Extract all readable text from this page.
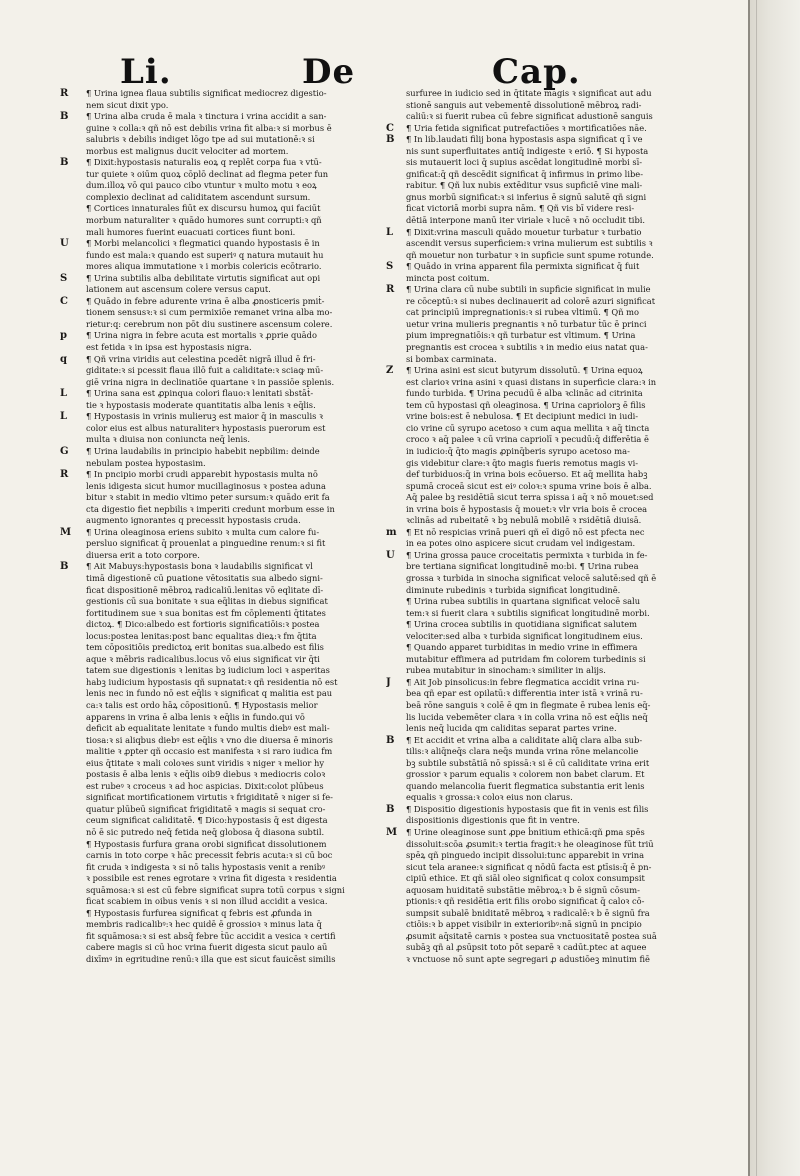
Li.	De	Cap.
R	¶ Urina ignea flaua subtilis significat mediocrez digestio-
nem sicut dixit ypo.
B	¶ Urina alba cruda ē mala ꝛ tinctura i vrina accidit a san-
guine ꝛ colla:ꝛ qñ nō est debilis vrina fit alba:ꝛ si morbus ē
salubris ꝛ debilis indiget lōgo tpe ad sui mutationē:ꝛ si
morbus est malignus ducit velociter ad mortem.
B	¶ Dixit:hypostasis naturalis eoꝝ q replēt corpa fua ꝛ vtū-
tur quiete ꝛ oiūm quoꝝ cōplō declinat ad flegma peter fun
dum.illoꝝ vō qui pauco cibo vtuntur ꝛ multo motu ꝛ eoꝝ
complexio declinat ad caliditatem ascendunt sursum.
¶ Cortices innaturales fiūt ex discursu humoꝝ qui faciūt
morbum naturaliter ꝛ quādo humores sunt corrupti:ꝛ qñ
mali humores fuerint euacuati cortices fiunt boni.
U	¶ Morbi melancolici ꝛ flegmatici quando hypostasis ē in
fundo est mala:ꝛ quando est superiꝰ q natura mutauit hu
mores aliqua immutatione ꝛ i morbis colericis ecōtrario.
S	¶ Urina subtilis alba debilitate virtutis significat aut opi
lationem aut ascensum colere versus caput.
C	¶ Quādo in febre adurente vrina ē alba ꝓnosticeris pmiṫ-
tionem sensusꝛ:ꝛ si cum permixiōe remanet vrina alba mo-
rietur:q: cerebrum non pōt diu sustinere ascensum colere.
p	¶ Urina nigra in febre acuta est mortalis ꝛ ꝓprie quādo
est fetida ꝛ in ipsa est hypostasis nigra.
q	¶ Qñ vrina viridis aut celestina pcedēt nigrā illud ē fri-
giditate:ꝛ si pcessit flaua illō fuit a caliditate:ꝛ sciaꝙ mū-
giē vrina nigra in declinatiōe quartane ꝛ in passiōe splenis.
L	¶ Urina sana est ꝓpinqua colori flauo:ꝛ lenitati sbstāṫ-
tie ꝛ hypostasis moderate quantitatis alba lenis ꝛ eq̄lis.
L	¶ Hypostasis in vrinis mulieruꝫ est maior q̄ in masculis ꝛ
color eius est albus naturaliterꝛ hypostasis puerorum est
multa ꝛ diuisa non coniuncta neq̄ lenis.
G	¶ Urina laudabilis in principio habebit nepbilim: deinde
nebulam postea hypostasim.
R	¶ In pncipio morbi crudi apparebit hypostasis multa nō
lenis idigesta sicut humor mucillaginosus ꝛ postea aduna
bitur ꝛ stabit in medio vltimo peter sursum:ꝛ quādo erit fa
cta digestio fiet nepbilis ꝛ imperiti credunt morbum esse in
augmento ignorantes q precessit hypostasis cruda.
M	¶ Urina oleaginosa eriens subito ꝛ multa cum calore fu-
persluo significat q̄ prouenlat a pinguedine renum:ꝛ si fit
diuersa erit a toto corpore.
B	¶ Ait Mabuys:hypostasis bona ꝛ laudabilis significat vl
timā digestionē cū ꝑuatione vētositatis sua albedo signi-
ficat dispositionē mēbroꝝ radicaliū.lenitas vō eqlitate dī-
gestionis cū sua bonitate ꝛ sua eq̄litas in diebus significat
fortitudinem sue ꝛ sua bonitas est fm cōplementi q̄titates
dictoꝝ. ¶ Dico:albedo est fortioris significatiōis:ꝛ postea
locus:postea lenitas:post banc equalitas dieꝝ:ꝛ fm q̄tita
tem cōpositiōis predictoꝝ erit bonitas sua.albedo est filis
aque ꝛ mēbris radicalibus.locus vō eius significat vir q̄ti
tatem sue digestionis ꝛ lenitas bꝫ iudicium loci ꝛ asperitas
habꝫ iudicium hypostasis qñ supnatat:ꝛ qñ residentia nō est
lenis nec in fundo nō est eq̄lis ꝛ significat q malitia est pau
ca:ꝛ talis est ordo hāꝝ cōpositionū. ¶ Hypostasis melior
apparens in vrina ē alba lenis ꝛ eq̄lis in fundo.qui vō
deficit ab equalitate lenitate ꝛ fundo multis diebꝰ est mali-
tiosa:ꝛ si aliqbus diebꝰ est eq̄lis ꝛ vno die diuersa ē minoris
malitie ꝛ ꝓpter qñ occasio est manifesta ꝛ si raro iudica fm
eius q̄titate ꝛ mali coloꝛes sunt viridis ꝛ niger ꝛ melior hy
postasis ē alba lenis ꝛ eq̄lis oib9 diebus ꝛ mediocris coloꝛ
est rubeꝰ ꝛ croceus ꝛ ad hoc aspicias. Dixit:colot plūbeus
significat mortificationem virtutis ꝛ frigiditatē ꝛ niger si fe-
quatur plūbeū significat frigiditatē ꝛ magis si sequat cro-
ceum significat caliditatē. ¶ Dico:hypostasis q̄ est digesta
nō ē sic putredo neq̄ fetida neq̄ globosa q̄ diasona subtil.
¶ Hypostasis furfura grana orobi significat dissolutionem
carnis in toto corpe ꝛ hāc precessit febris acuta:ꝛ si cū boc
fit cruda ꝛ indigesta ꝛ si nō talis hypostasis venit a renibꝰ
ꝛ possibile est renes egrotare ꝛ vrina fit digesta ꝛ residentia
squāmosa:ꝛ si est cū febre significat supra totū corpus ꝛ signi
ficat scabiem in oibus venis ꝛ si non illud accidit a vesica.
¶ Hypostasis furfurea significat q febris est ꝓfunda in
membris radicalibꝰ:ꝛ hec quidē ē grossioꝛ ꝛ minus lata q̄
fit squāmosa:ꝛ si est absq̄ febre ṫūc accidit a vesica ꝛ certifi
cabere magis si cū hoc vrina fuerit digesta sicut paulo aū
dixīmꝰ in egritudine renū:ꝛ illa que est sicut fauicēst similis
surfuree in iudicio sed in q̄titate magis ꝛ significat aut adu
stionē sanguis aut vebementē dissolutionē mēbroꝝ radi-
caliū:ꝛ si fuerit rubea cū febre significat adustionē sanguis
C	¶ Uria fetida significat putrefactiōes ꝛ mortificatiōes nāe.
B	¶ In lib.laudati filij bona hypostasis aspa significat q ī ve
nis sunt superfluitates antiq̄ indigeste ꝛ eriō. ¶ Si hyposta
sis mutauerit loci q̄ supius ascēdat longitudinē morbi sī-
gnificat:q̄ qñ descēdit significat q̄ infirmus in ꝑrimo libe-
rabitur. ¶ Qñ lux nubis extēditur vsus supficiē vine mali-
gnus morbū significat:ꝛ si inferius ē signū salutē qñ signi
ficat victoriā morbi supra nām. ¶ Qñ vis bī videre resi-
dētiā interpone manū iter viriale ꝛ lucē ꝛ nō occludit tibi.
L	¶ Dixit:vrina masculi quādo mouetur turbatur ꝛ turbatio
ascendit versus superficiem:ꝛ vrina mulierum est subtilis ꝛ
qñ mouetur non turbatur ꝛ in supficie sunt spume rotunde.
S	¶ Quādo in vrina apparent fila permixta significat q̄ fuit
mincta post coitum.
R	¶ Urina clara cū nube subtili in supficie significat in mulie
re cōceptū:ꝛ si nubes declinauerit ad colorē azuri significat
cat principiū impregnationis:ꝛ si rubea vltimū. ¶ Qñ mo
uetur vrina mulieris pregnantis ꝛ nō turbatur ṫūc ē princi
pium impregnatiōis:ꝛ qñ turbatur est vltimum. ¶ Urina
pregnantis est crocea ꝛ subtilis ꝛ in medio eius natat qua-
si bombax carminata.
Z	¶ Urina asini est sicut butyrum dissolutū. ¶ Urina equoꝝ
est clarioꝛ vrina asini ꝛ quasi distans in superficie clara:ꝛ in
fundo turbida. ¶ Urina pecudū ē alba ꝛclināc ad citrinita
tem cū hypostasi qñ oleaginosa. ¶ Urina capriolorꝫ ē filis
vrine bois:est ē nebulosa. ¶ Et decipiunt medici in iudi-
cio vrine cū syrupo acetoso ꝛ cum aqua mellita ꝛ aq̄ tincta
croco ꝛ aq̄ palee ꝛ cū vrina capriolī ꝛ pecudū:q̄ differētia ē
in iudicio:q̄ q̄to magis ꝓpinq̄beris syrupo acetoso ma-
gis videbitur clare:ꝛ q̄to magis fueris remotus magis vi-
def turbiduos:q̄ in vrina bois ecōuerso. Et aq̄ mellita habꝫ
spumā croceā sicut est eiꝰ coloꝛ:ꝛ spuma vrine bois ē alba.
Aq̄ palee bꝫ residētiā sicut terra spissa i aq̄ ꝛ nō mouet:sed
in vrina bois ē hypostasis q̄ mouet:ꝛ vlr vria bois ē crocea
ꝛclinās ad rubeitatē ꝛ bꝫ nebulā mobilē ꝛ rsidētiā diuisā.
m	¶ Et nō respicias vrinā pueri qñ eī digō nō est pfecta nec
in ea potes oino aspicere sicut crudam vel indigestam.
U	¶ Urina grossa pauce croceitatis permixta ꝛ turbida in fe-
bre tertiana significat longitudinē mo:bi. ¶ Urina rubea
grossa ꝛ turbida in sinocha significat velocē salutē:sed qñ ē
diminute rubedinis ꝛ turbida significat longitudinē.
¶ Urina rubea subtilis in quartana significat velocē salu
tem:ꝛ si fuerit clara ꝛ subtilis significat longitudinē morbi.
¶ Urina crocea subtilis in quotidiana significat salutem
velociter:sed alba ꝛ turbida significat longitudinem eius.
¶ Quando apparet turbiditas in medio vrine in effimera
mutabitur effimera ad putridam fm colorem turbedinis si
rubea mutabitur in sinocham:ꝛ similiter in alijs.
J	¶ Ait Job pinsolicus:in febre flegmatica accidit vrina ru-
bea qñ epar est opilatū:ꝛ differentia inter istā ꝛ vrinā ru-
beā rōne sanguis ꝛ colē ē qm in flegmate ē rubea lenis eq̄-
lis lucida vebemēter clara ꝛ in colla vrina nō est eq̄lis neq̄
lenis neq̄ lucida qm caliditas separat partes vrine.
B	¶ Et accidit et vrina alba a caliditate aliq̄ clara alba sub-
tilis:ꝛ aliq̄neq̄s clara neq̄s munda vrina rōne melancolie
bꝫ subtile substātiā nō spissā:ꝛ si ē cū caliditate vrina erit
grossior ꝛ parum equalis ꝛ colorem non babet clarum. Et
quando melancolia fuerit flegmatica substantia erit lenis
equalis ꝛ grossa:ꝛ coloꝛ eius non clarus.
B	¶ Dispositio digestionis hypostasis que fit in venis est filis
dispositionis digestionis que fit in ventre.
M	¶ Urine oleaginose sunt ꝓpe ḃnitium ethicā:qñ ꝑma spēs
dissoluit:scōa ꝓsumit:ꝛ tertia fragit:ꝛ he oleaginose fūt triū
spēꝝ qñ pinguedo incipit dissolui:tunc apparebit in vrina
sicut tela aranee:ꝛ significat q nōdū facta est ꝑtīsis:q̄ ē pn-
cipiū ethice. Et qñ siāl oleo significat q colox consumpsit
aquosam huiditatē substātie mēbroꝝ:ꝛ b ē signū cōsum-
ptionis:ꝛ qñ residētia erit filis orobo significat q̄ caloꝛ cō-
sumpsit subalē bniditatē mēbroꝝ ꝛ radicalē:ꝛ b ē signū fra
ctiōis:ꝛ b appet visibilr in exterioribꝰ:nā signū in pncipio
ꝓsumit aq̄sitatē carnis ꝛ postea sua vnctuositatē postea suā
subāꝫ qñ al ꝓsūpsit toto pōt separē ꝛ cadūt.ptec at aquee
ꝛ vnctuose nō sunt apte segregari ꝓ adustiōeꝫ minutim fiē
